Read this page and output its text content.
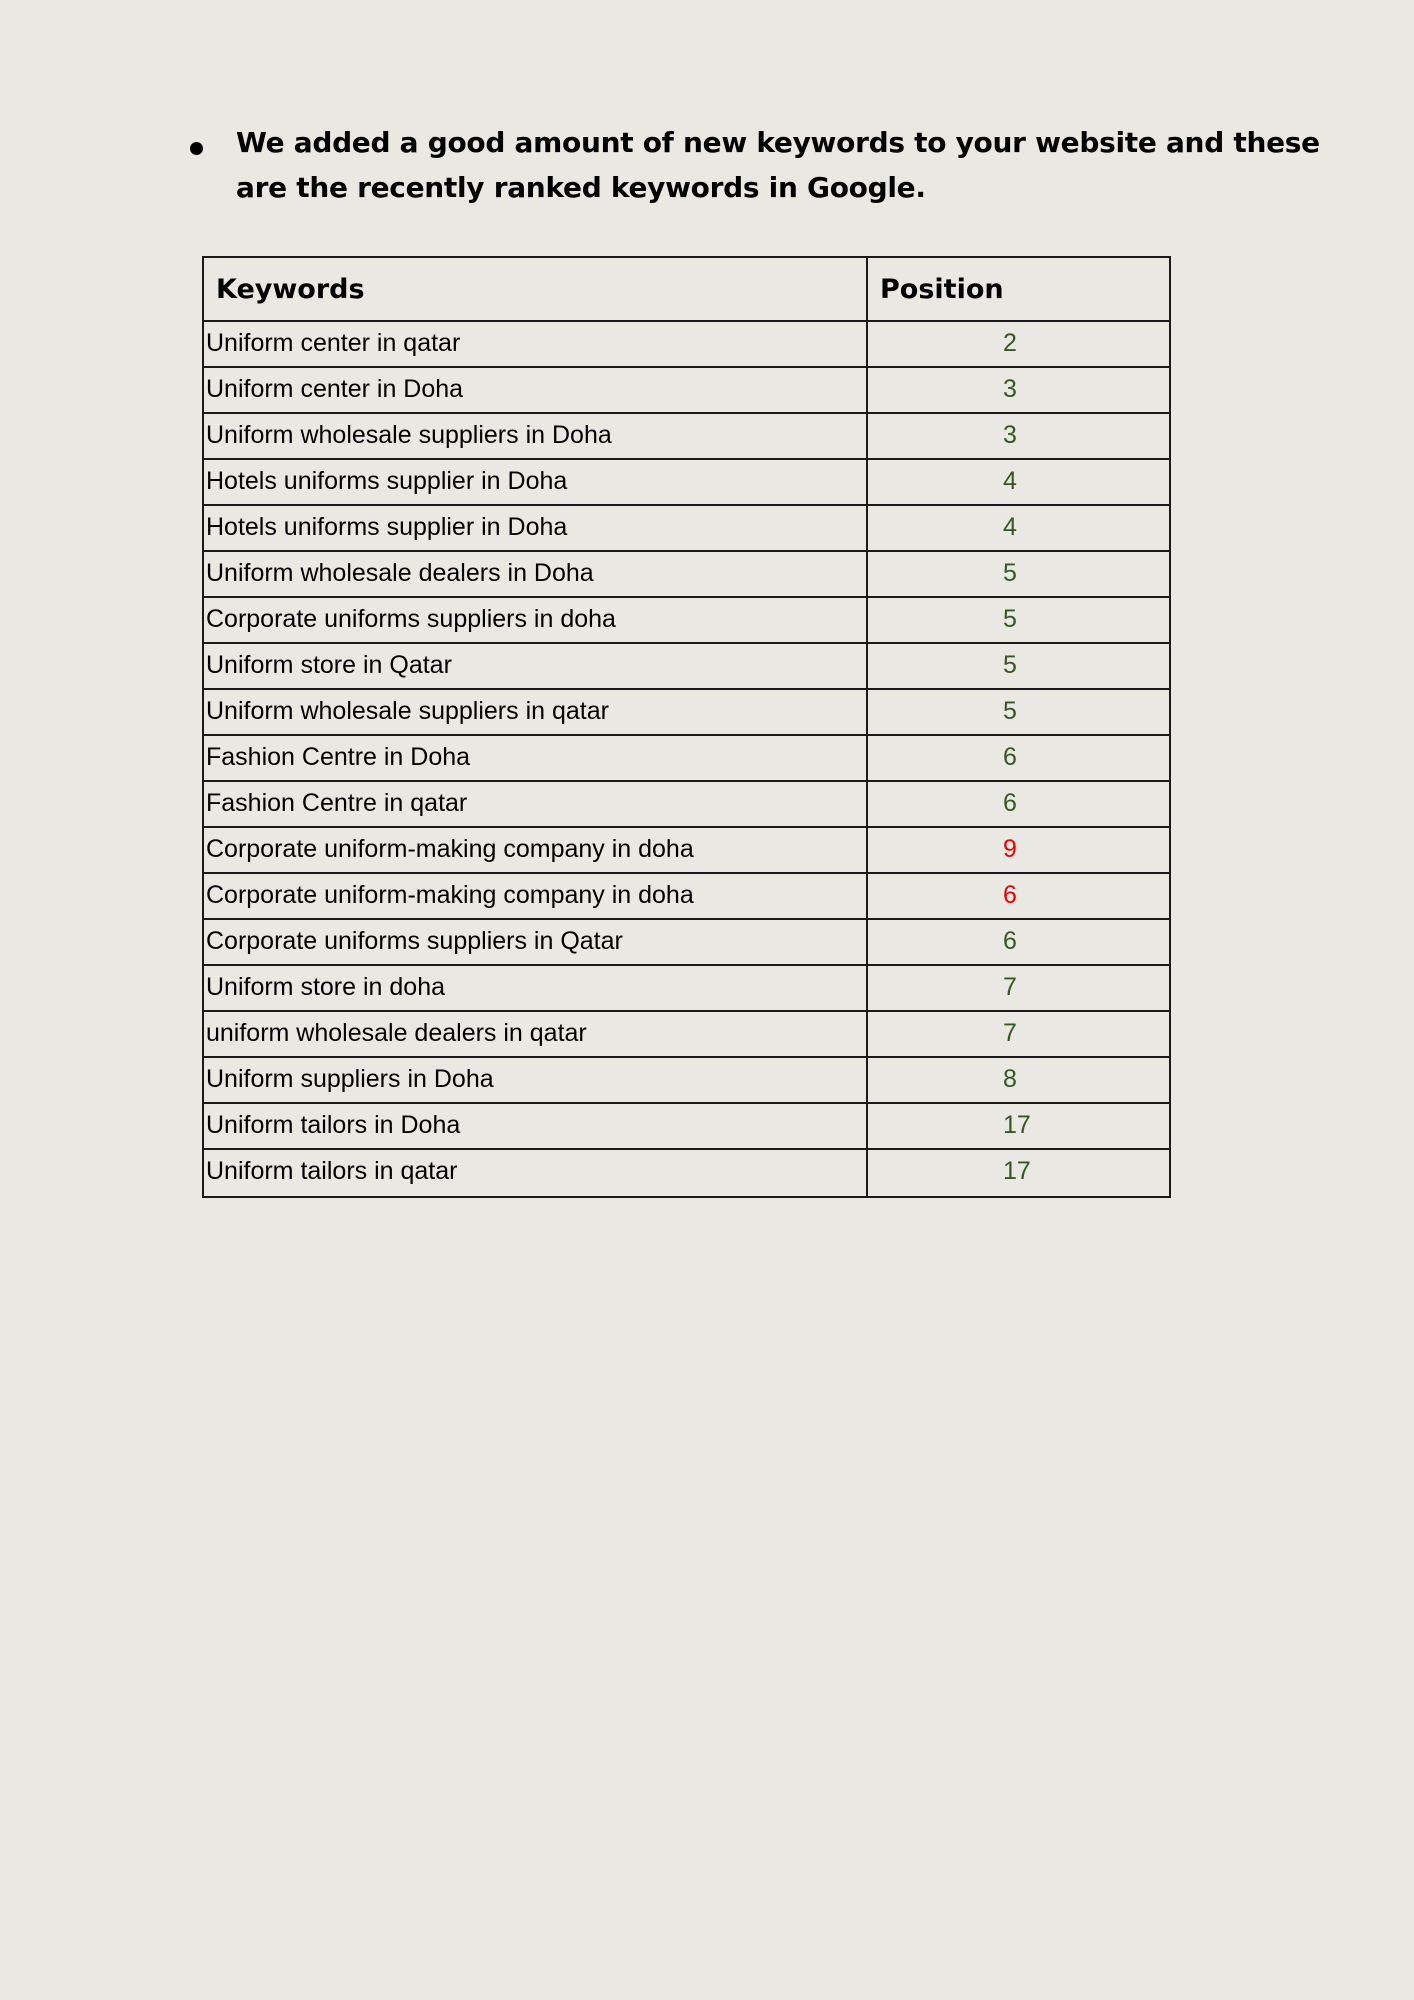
We added a good amount of new keywords to your website and these are the recently ranked keywords in Google.

Keywords	Position
Uniform center in qatar	2
Uniform center in Doha	3
Uniform wholesale suppliers in Doha	3
Hotels uniforms supplier in Doha	4
Hotels uniforms supplier in Doha	4
Uniform wholesale dealers in Doha	5
Corporate uniforms suppliers in doha	5
Uniform store in Qatar	5
Uniform wholesale suppliers in qatar	5
Fashion Centre in Doha	6
Fashion Centre in qatar	6
Corporate uniform-making company in doha	9
Corporate uniform-making company in doha	6
Corporate uniforms suppliers in Qatar	6
Uniform store in doha	7
uniform wholesale dealers in qatar	7
Uniform suppliers in Doha	8
Uniform tailors in Doha	17
Uniform tailors in qatar	17
